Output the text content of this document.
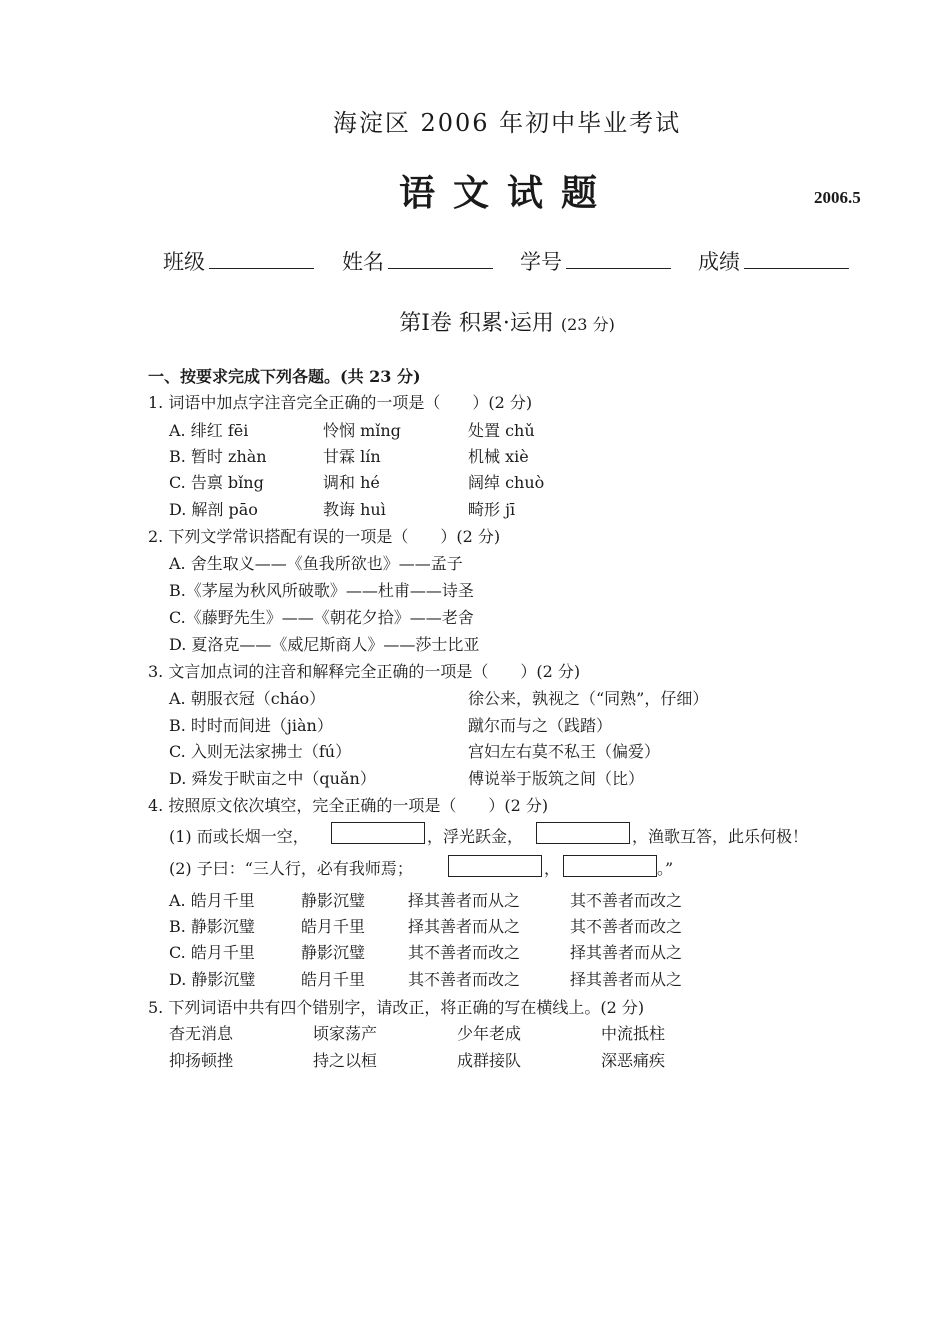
海淀区 2006 年初中毕业考试
语文试题	2006.5
班级	姓名	学号	成绩
第Ⅰ卷 积累·运用 (23 分)
一、按要求完成下列各题。(共 23 分)
1. 词语中加点字注音完全正确的一项是（　　）(2 分)
A. 绯红 fēi	怜悯 mǐng	处置 chǔ
B. 暂时 zhàn	甘霖 lín	机械 xiè
C. 告禀 bǐng	调和 hé	阔绰 chuò
D. 解剖 pāo	教诲 huì	畸形 jī
2. 下列文学常识搭配有误的一项是（　　）(2 分)
A. 舍生取义——《鱼我所欲也》——孟子
B.《茅屋为秋风所破歌》——杜甫——诗圣
C.《藤野先生》——《朝花夕拾》——老舍
D. 夏洛克——《威尼斯商人》——莎士比亚
3. 文言加点词的注音和解释完全正确的一项是（　　）(2 分)
A. 朝服衣冠（cháo）	徐公来，孰视之（“同熟”，仔细）
B. 时时而间进（jiàn）	蹴尔而与之（践踏）
C. 入则无法家拂士（fú）	宫妇左右莫不私王（偏爱）
D. 舜发于畎亩之中（quǎn）	傅说举于版筑之间（比）
4. 按照原文依次填空，完全正确的一项是（　　）(2 分)
(1) 而或长烟一空，	，浮光跃金，	，渔歌互答，此乐何极！
(2) 子曰：“三人行，必有我师焉；	，	。”
A. 皓月千里	静影沉璧	择其善者而从之	其不善者而改之
B. 静影沉璧	皓月千里	择其善者而从之	其不善者而改之
C. 皓月千里	静影沉璧	其不善者而改之	择其善者而从之
D. 静影沉璧	皓月千里	其不善者而改之	择其善者而从之
5. 下列词语中共有四个错别字，请改正，将正确的写在横线上。(2 分)
杳无消息	顷家荡产	少年老成	中流抵柱
抑扬顿挫	持之以桓	成群接队	深恶痛疾
